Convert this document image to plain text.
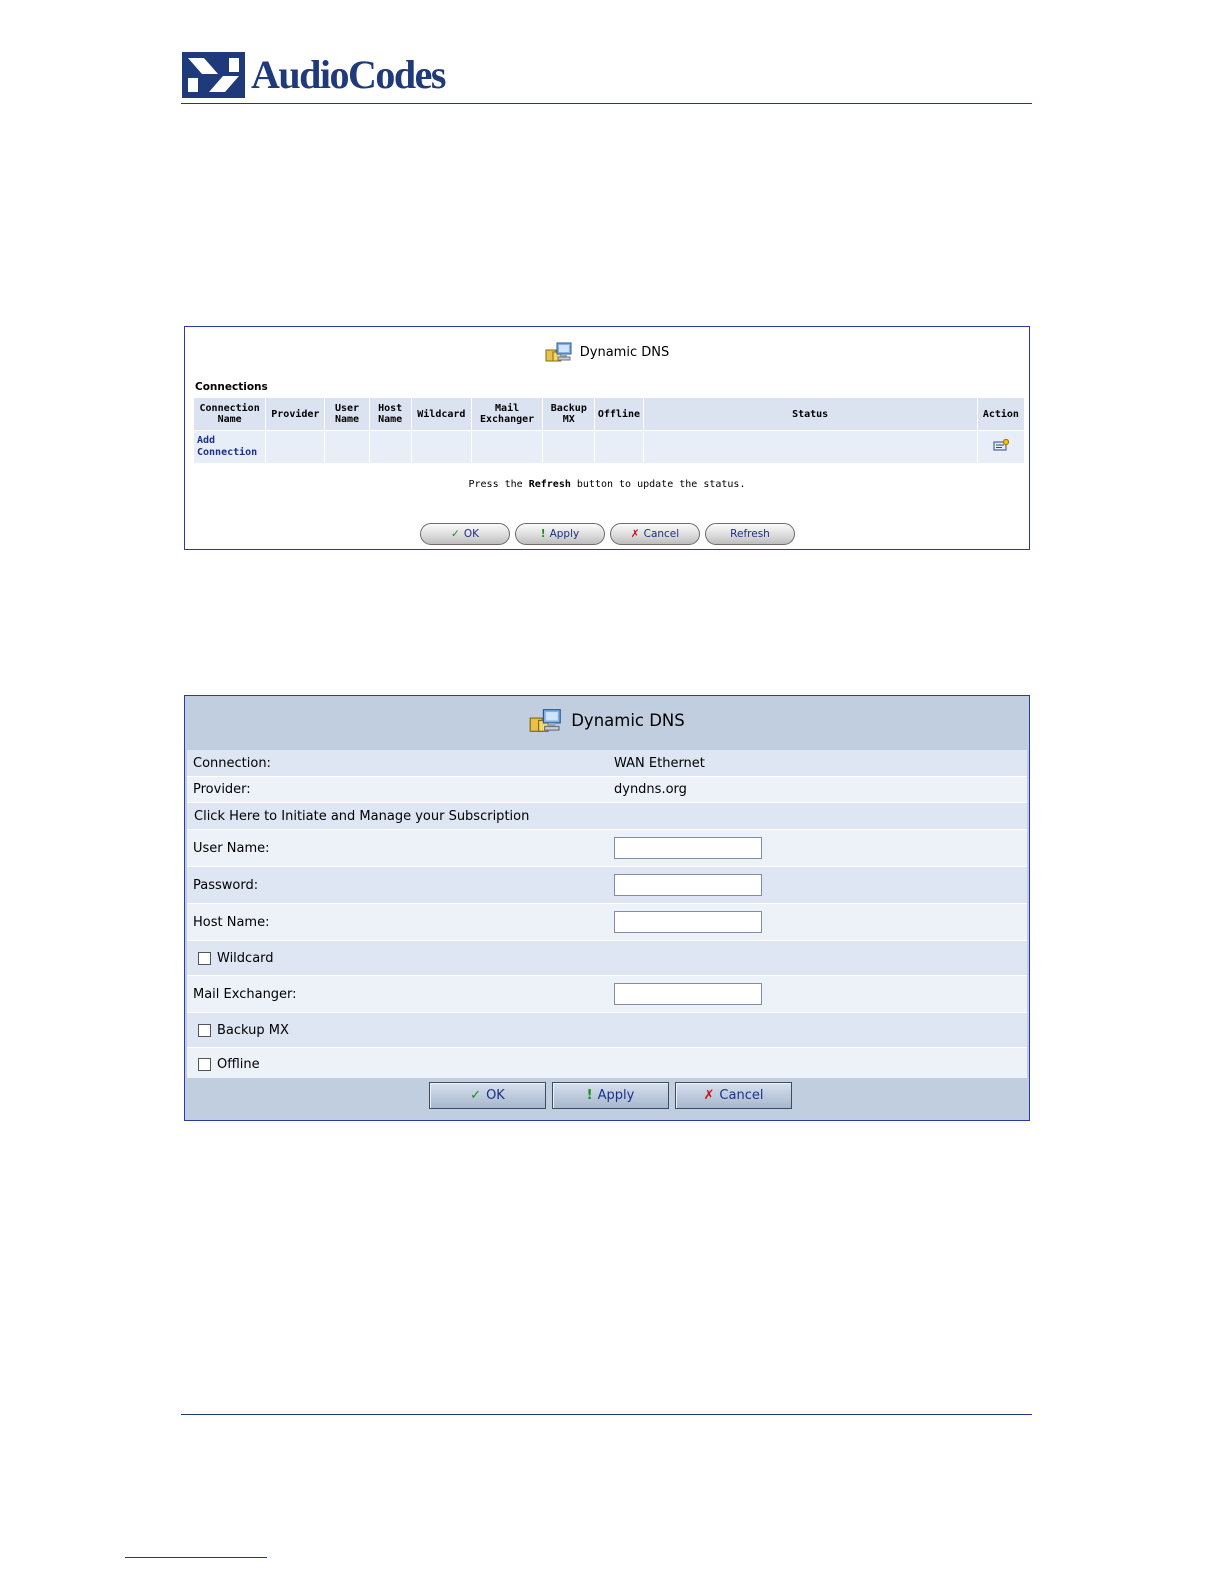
AudioCodes
Dynamic DNS
Connections
Connection Name	Provider	User Name	Host Name	Wildcard	Mail Exchanger	Backup MX	Offline	Status	Action
Add Connection									
Press the Refresh button to update the status.
✓ OK	! Apply	✗ Cancel	Refresh
Dynamic DNS
Connection:	WAN Ethernet
Provider:	dyndns.org
Click Here to Initiate and Manage your Subscription
User Name:
Password:
Host Name:
Wildcard
Mail Exchanger:
Backup MX
Offline
✓ OK	! Apply	✗ Cancel
